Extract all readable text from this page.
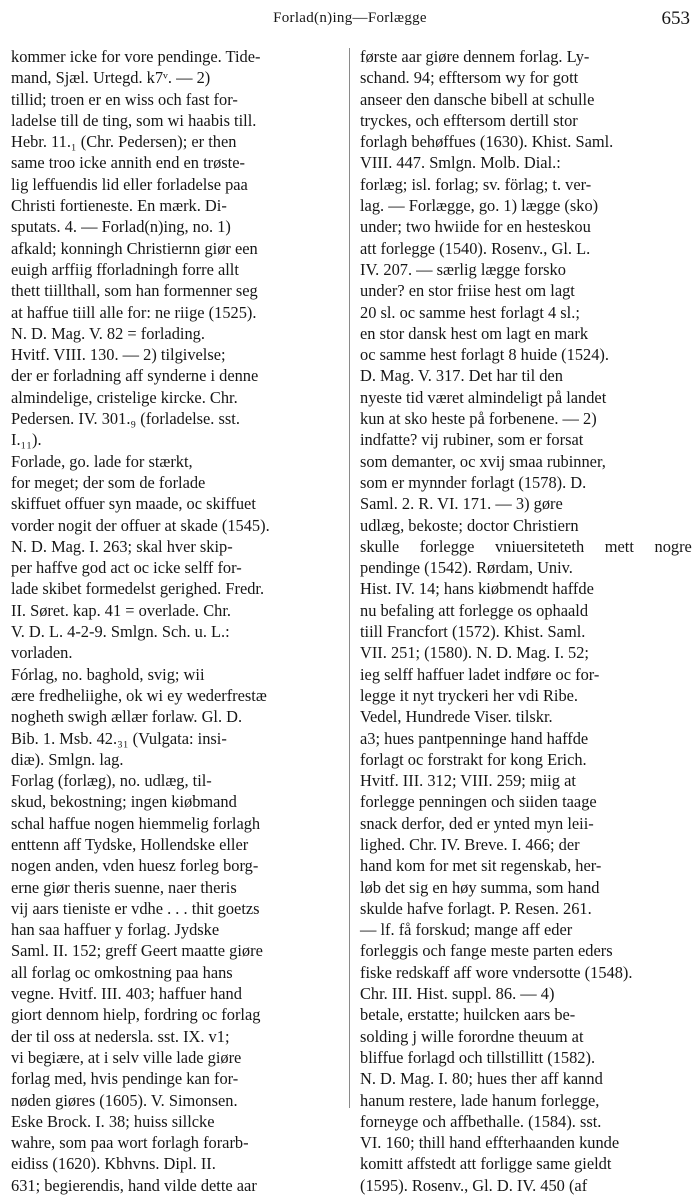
Forlad(n)ing—Forlægge	653
kommer icke for vore pendinge. Tide-
mand, Sjæl. Urtegd. k7ᵛ. — 2)
tillid; troen er en wiss och fast for-
ladelse till de ting, som wi haabis till.
Hebr. 11.₁ (Chr. Pedersen); er then
same troo icke annith end en trøste-
lig leffuendis lid eller forladelse paa
Christi fortieneste. En mærk. Di-
sputats. 4. — Forlad(n)ing, no. 1)
afkald; konningh Christiernn giør een
euigh arffiig fforladningh forre allt
thett tiillthall, som han formenner seg
at haffue tiill alle for: ne riige (1525).
N. D. Mag. V. 82 = forlading.
Hvitf. VIII. 130. — 2) tilgivelse;
der er forladning aff synderne i denne
almindelige, cristelige kircke. Chr.
Pedersen. IV. 301.₉ (forladelse. sst.
I.₁₁).
Forlade, go. lade for stærkt,
for meget; der som de forlade
skiffuet offuer syn maade, oc skiffuet
vorder nogit der offuer at skade (1545).
N. D. Mag. I. 263; skal hver skip-
per haffve god act oc icke selff for-
lade skibet formedelst gerighed. Fredr.
II. Søret. kap. 41 = overlade. Chr.
V. D. L. 4-2-9. Smlgn. Sch. u. L.:
vorladen.
Fórlag, no. baghold, svig; wii
ære fredheliighe, ok wi ey wederfrestæ
nogheth swigh ællær forlaw. Gl. D.
Bib. 1. Msb. 42.₃₁ (Vulgata: insi-
diæ). Smlgn. lag.
Forlag (forlæg), no. udlæg, til-
skud, bekostning; ingen kiøbmand
schal haffue nogen hiemmelig forlagh
enttenn aff Tydske, Hollendske eller
nogen anden, vden huesz forleg borg-
erne giør theris suenne, naer theris
vij aars tieniste er vdhe . . . thit goetzs
han saa haffuer y forlag. Jydske
Saml. II. 152; greff Geert maatte giøre
all forlag oc omkostning paa hans
vegne. Hvitf. III. 403; haffuer hand
giort dennom hielp, fordring oc forlag
der til oss at nedersla. sst. IX. v1;
vi begiære, at i selv ville lade giøre
forlag med, hvis pendinge kan for-
nøden giøres (1605). V. Simonsen.
Eske Brock. I. 38; huiss sillcke
wahre, som paa wort forlagh forarb-
eidiss (1620). Kbhvns. Dipl. II.
631; begierendis, hand vilde dette aar
første aar giøre dennem forlag. Ly-
schand. 94; efftersom wy for gott
anseer den dansche bibell at schulle
tryckes, och efftersom dertill stor
forlagh behøffues (1630). Khist. Saml.
VIII. 447. Smlgn. Molb. Dial.:
forlæg; isl. forlag; sv. förlag; t. ver-
lag. — Forlægge, go. 1) lægge (sko)
under; two hwiide for en hesteskou
att forlegge (1540). Rosenv., Gl. L.
IV. 207. — særlig lægge forsko
under? en stor friise hest om lagt
20 sl. oc samme hest forlagt 4 sl.;
en stor dansk hest om lagt en mark
oc samme hest forlagt 8 huide (1524).
D. Mag. V. 317. Det har til den
nyeste tid været almindeligt på landet
kun at sko heste på forbenene. — 2)
indfatte? vij rubiner, som er forsat
som demanter, oc xvij smaa rubinner,
som er mynnder forlagt (1578). D.
Saml. 2. R. VI. 171. — 3) gøre
udlæg, bekoste; doctor Christiern
skulle forlegge vniuersiteteth mett nogre
pendinge (1542). Rørdam, Univ.
Hist. IV. 14; hans kiøbmendt haffde
nu befaling att forlegge os ophaald
tiill Francfort (1572). Khist. Saml.
VII. 251; (1580). N. D. Mag. I. 52;
ieg selff haffuer ladet indføre oc for-
legge it nyt tryckeri her vdi Ribe.
Vedel, Hundrede Viser. tilskr.
a3; hues pantpenninge hand haffde
forlagt oc forstrakt for kong Erich.
Hvitf. III. 312; VIII. 259; miig at
forlegge penningen och siiden taage
snack derfor, ded er ynted myn leii-
lighed. Chr. IV. Breve. I. 466; der
hand kom for met sit regenskab, her-
løb det sig en høy summa, som hand
skulde hafve forlagt. P. Resen. 261.
— lf. få forskud; mange aff eder
forleggis och fange meste parten eders
fiske redskaff aff wore vndersotte (1548).
Chr. III. Hist. suppl. 86. — 4)
betale, erstatte; huilcken aars be-
solding j wille forordne theuum at
bliffue forlagd och tillstillitt (1582).
N. D. Mag. I. 80; hues ther aff kannd
hanum restere, lade hanum forlegge,
forneyge och affbethalle. (1584). sst.
VI. 160; thill hand effterhaanden kunde
komitt affstedt att forligge same gieldt
(1595). Rosenv., Gl. D. IV. 450 (af
